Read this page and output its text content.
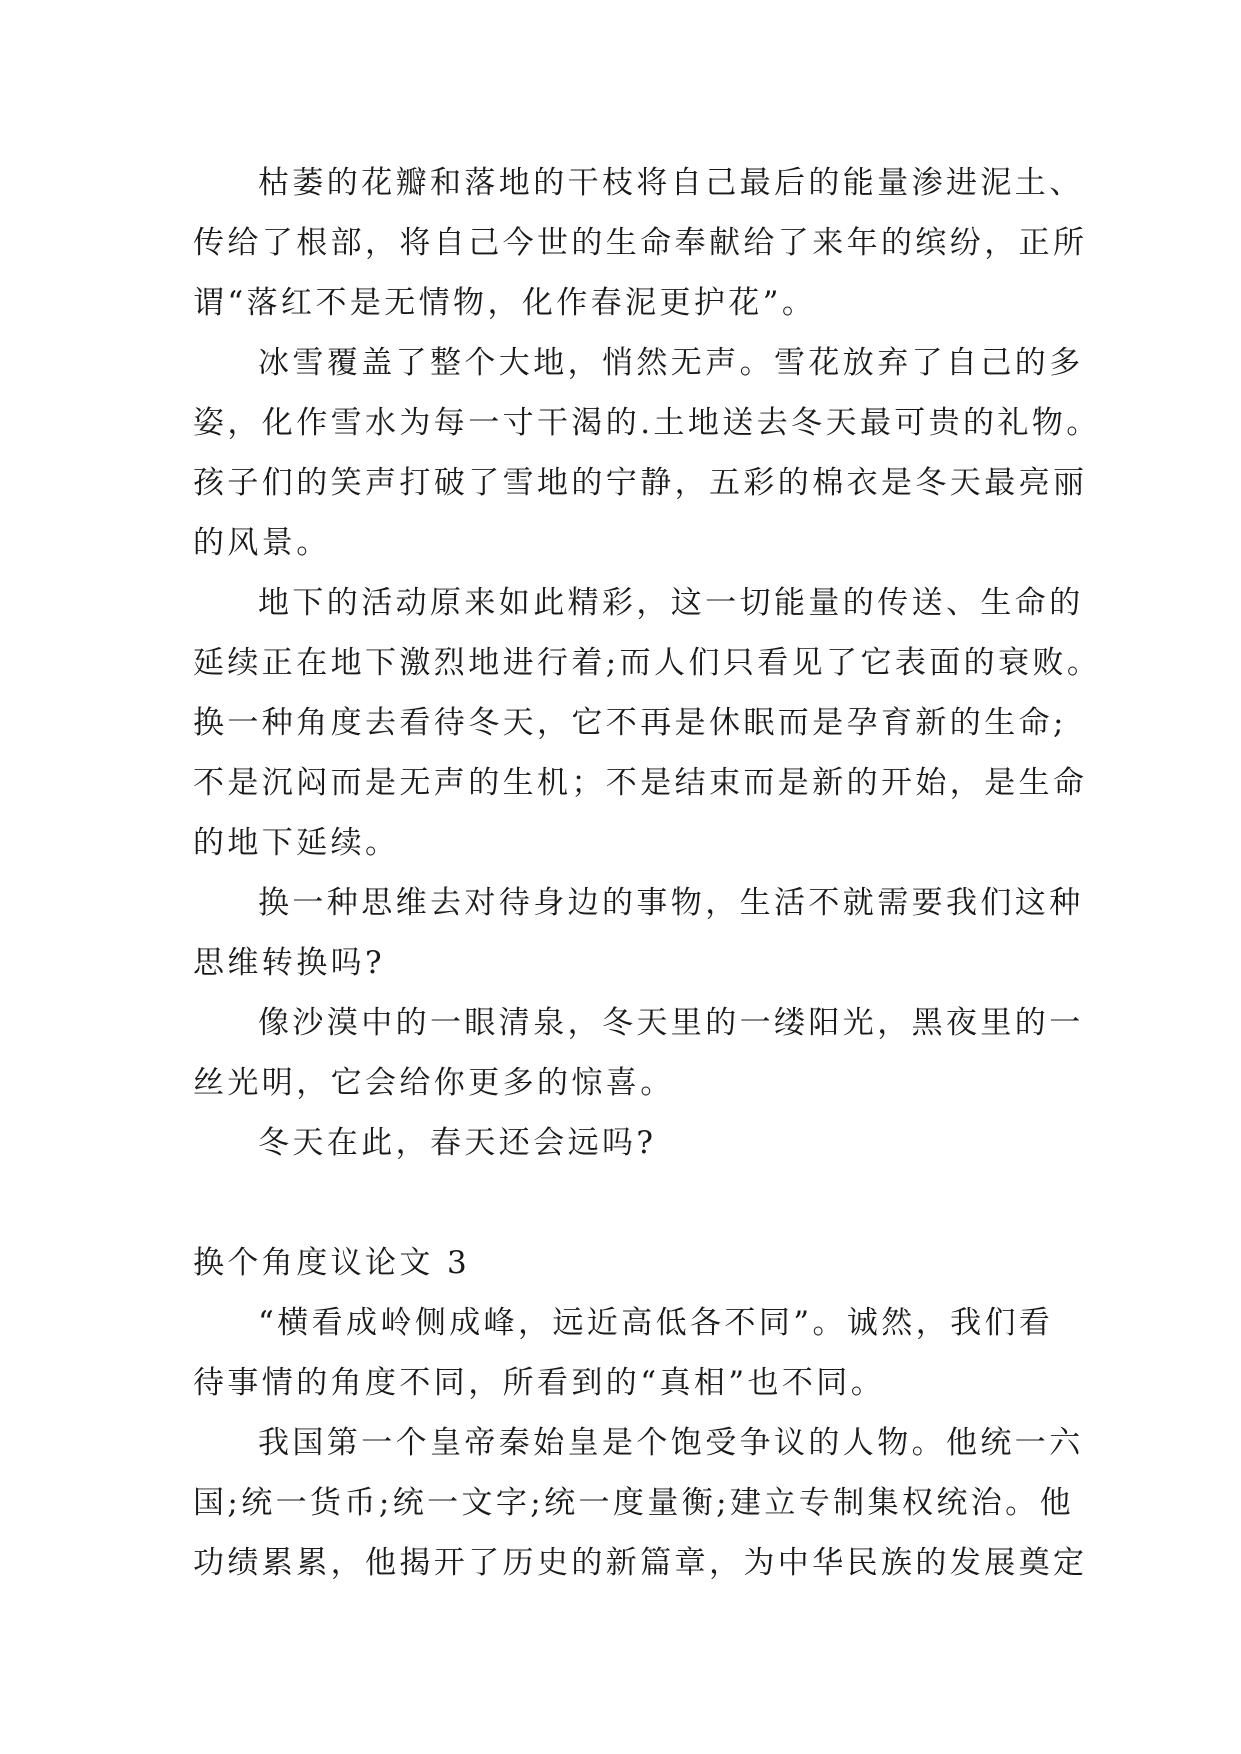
枯萎的花瓣和落地的干枝将自己最后的能量渗进泥土、
传给了根部，将自己今世的生命奉献给了来年的缤纷，正所
谓“落红不是无情物，化作春泥更护花”。
冰雪覆盖了整个大地，悄然无声。雪花放弃了自己的多
姿，化作雪水为每一寸干渴的.土地送去冬天最可贵的礼物。
孩子们的笑声打破了雪地的宁静，五彩的棉衣是冬天最亮丽
的风景。
地下的活动原来如此精彩，这一切能量的传送、生命的
延续正在地下激烈地进行着;而人们只看见了它表面的衰败。
换一种角度去看待冬天，它不再是休眠而是孕育新的生命;
不是沉闷而是无声的生机；不是结束而是新的开始，是生命
的地下延续。
换一种思维去对待身边的事物，生活不就需要我们这种
思维转换吗?
像沙漠中的一眼清泉，冬天里的一缕阳光，黑夜里的一
丝光明，它会给你更多的惊喜。
冬天在此，春天还会远吗?
换个角度议论文 3
“横看成岭侧成峰，远近高低各不同”。诚然，我们看
待事情的角度不同，所看到的“真相”也不同。
我国第一个皇帝秦始皇是个饱受争议的人物。他统一六
国;统一货币;统一文字;统一度量衡;建立专制集权统治。他
功绩累累，他揭开了历史的新篇章，为中华民族的发展奠定
